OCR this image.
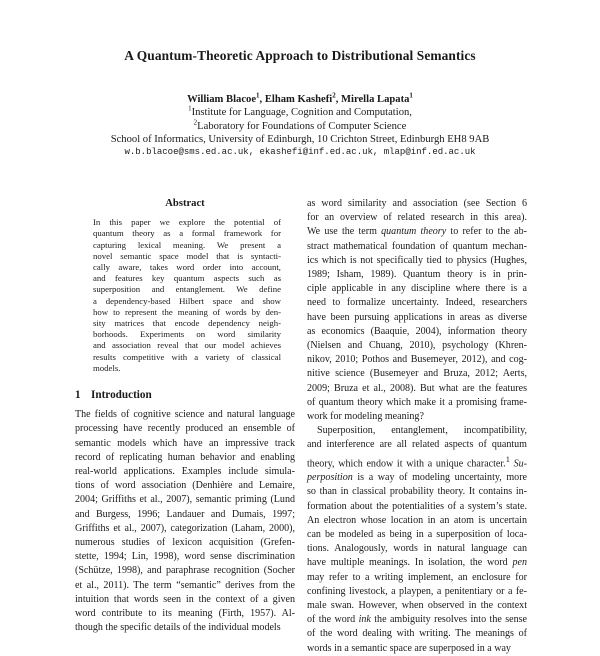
A Quantum-Theoretic Approach to Distributional Semantics
William Blacoe$^1$, Elham Kashefi$^2$, Mirella Lapata$^1$
$^1$Institute for Language, Cognition and Computation,
$^2$Laboratory for Foundations of Computer Science
School of Informatics, University of Edinburgh, 10 Crichton Street, Edinburgh EH8 9AB
w.b.blacoe@sms.ed.ac.uk, ekashefi@inf.ed.ac.uk, mlap@inf.ed.ac.uk
Abstract
In this paper we explore the potential of
quantum theory as a formal framework for
capturing lexical meaning. We present a
novel semantic space model that is syntacti-
cally aware, takes word order into account,
and features key quantum aspects such as
superposition and entanglement. We define
a dependency-based Hilbert space and show
how to represent the meaning of words by den-
sity matrices that encode dependency neigh-
borhoods. Experiments on word similarity
and association reveal that our model achieves
results competitive with a variety of classical
models.
1 Introduction
The fields of cognitive science and natural language
processing have recently produced an ensemble of
semantic models which have an impressive track
record of replicating human behavior and enabling
real-world applications. Examples include simula-
tions of word association (Denhière and Lemaire,
2004; Griffiths et al., 2007), semantic priming (Lund
and Burgess, 1996; Landauer and Dumais, 1997;
Griffiths et al., 2007), categorization (Laham, 2000),
numerous studies of lexicon acquisition (Grefen-
stette, 1994; Lin, 1998), word sense discrimination
(Schütze, 1998), and paraphrase recognition (Socher
et al., 2011). The term “semantic” derives from the
intuition that words seen in the context of a given
word contribute to its meaning (Firth, 1957). Al-
though the specific details of the individual models
as word similarity and association (see Section 6
for an overview of related research in this area).
We use the term quantum theory to refer to the ab-
stract mathematical foundation of quantum mechan-
ics which is not specifically tied to physics (Hughes,
1989; Isham, 1989). Quantum theory is in prin-
ciple applicable in any discipline where there is a
need to formalize uncertainty. Indeed, researchers
have been pursuing applications in areas as diverse
as economics (Baaquie, 2004), information theory
(Nielsen and Chuang, 2010), psychology (Khren-
nikov, 2010; Pothos and Busemeyer, 2012), and cog-
nitive science (Busemeyer and Bruza, 2012; Aerts,
2009; Bruza et al., 2008). But what are the features
of quantum theory which make it a promising frame-
work for modeling meaning?
Superposition, entanglement, incompatibility,
and interference are all related aspects of quantum
theory, which endow it with a unique character.$^1$ Su-
perposition is a way of modeling uncertainty, more
so than in classical probability theory. It contains in-
formation about the potentialities of a system’s state.
An electron whose location in an atom is uncertain
can be modeled as being in a superposition of loca-
tions. Analogously, words in natural language can
have multiple meanings. In isolation, the word pen
may refer to a writing implement, an enclosure for
confining livestock, a playpen, a penitentiary or a fe-
male swan. However, when observed in the context
of the word ink the ambiguity resolves into the sense
of the word dealing with writing. The meanings of
words in a semantic space are superposed in a way
